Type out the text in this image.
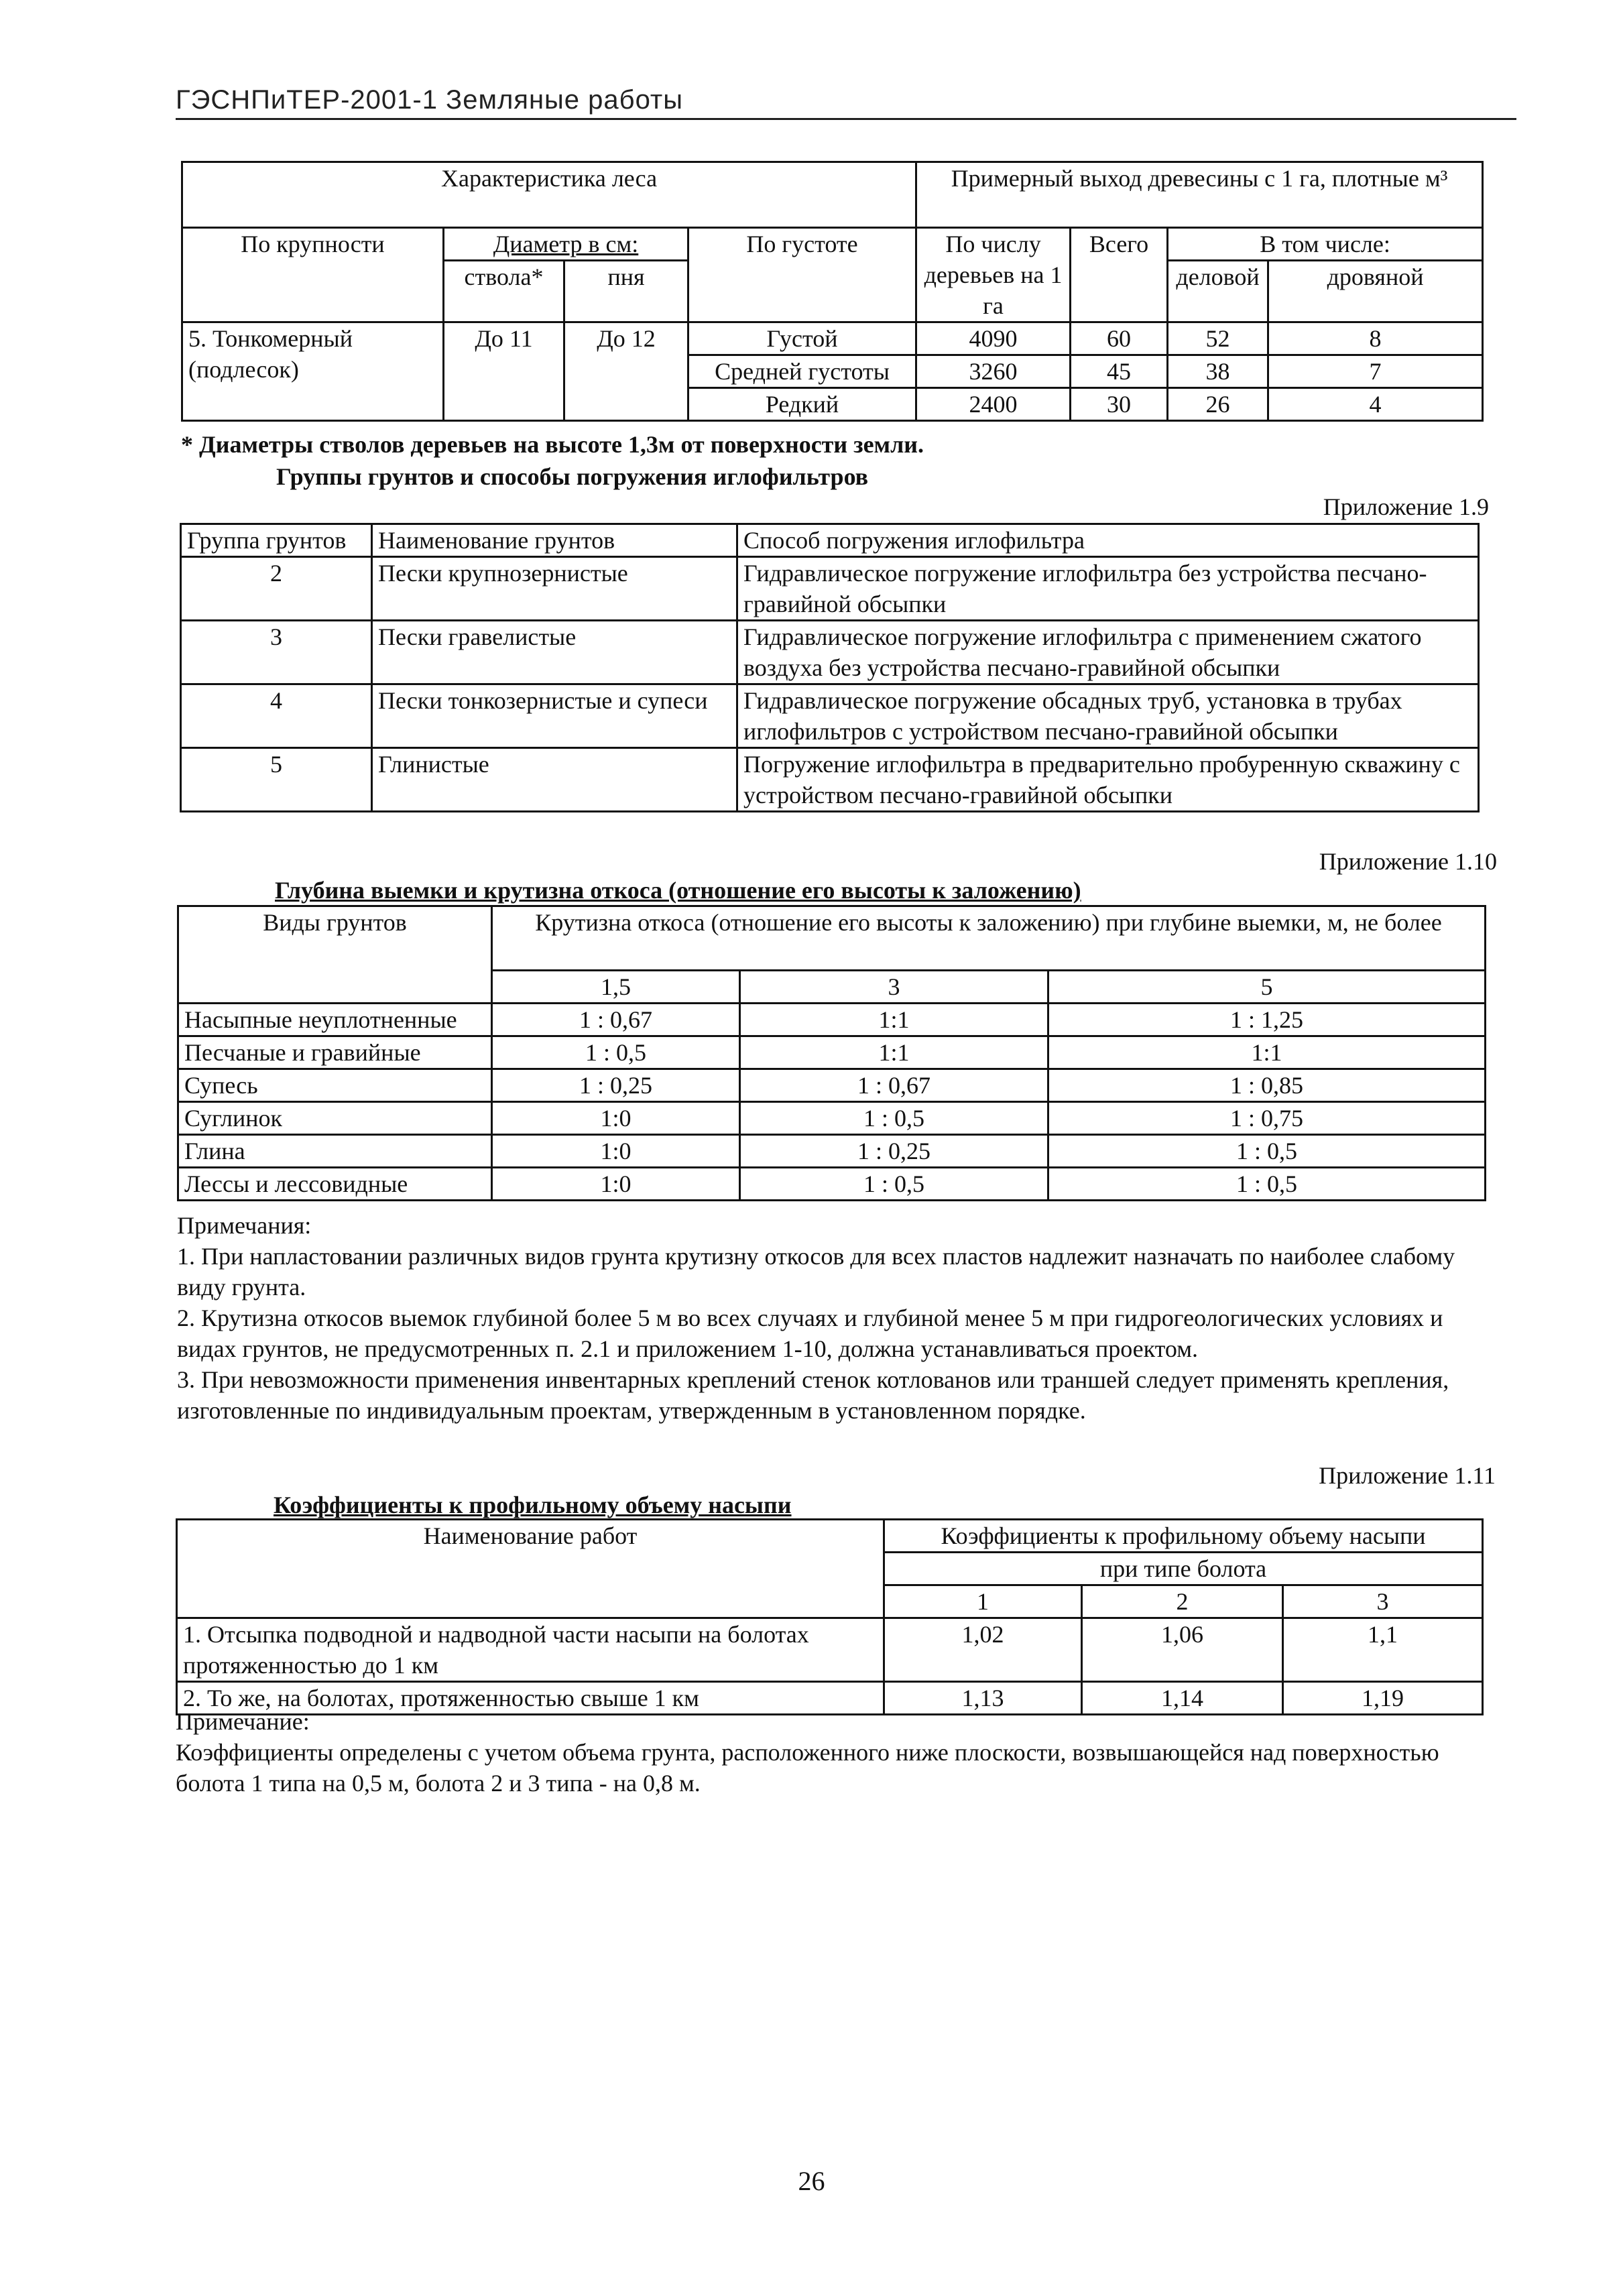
ГЭСНПиТЕР-2001-1 Земляные работы
Характеристика леса				Примерный выход древесины с 1 га, плотные м³			
По крупности	Диаметр в см:		По густоте	По числу деревьев на 1 га	Всего	В том числе:	
	ствола*	пня				деловой	дровяной
5. Тонкомерный (подлесок)	До 11	До 12	Густой	4090	60	52	8
			Средней густоты	3260	45	38	7
			Редкий	2400	30	26	4
* Диаметры стволов деревьев на высоте 1,3м от поверхности земли.
Группы грунтов и способы погружения иглофильтров
Приложение 1.9
Группа грунтов	Наименование грунтов	Способ погружения иглофильтра
2	Пески крупнозернистые	Гидравлическое погружение иглофильтра без устройства песчано-гравийной обсыпки
3	Пески гравелистые	Гидравлическое погружение иглофильтра с применением сжатого воздуха без устройства песчано-гравийной обсыпки
4	Пески тонкозернистые и супеси	Гидравлическое погружение обсадных труб, установка в трубах иглофильтров с устройством песчано-гравийной обсыпки
5	Глинистые	Погружение иглофильтра в предварительно пробуренную скважину с устройством песчано-гравийной обсыпки
Приложение 1.10
Глубина выемки и крутизна откоса (отношение его высоты к заложению)
Виды грунтов	Крутизна откоса (отношение его высоты к заложению) при глубине выемки, м, не более		
	1,5	3	5
Насыпные неуплотненные	1 : 0,67	1:1	1 : 1,25
Песчаные и гравийные	1 : 0,5	1:1	1:1
Супесь	1 : 0,25	1 : 0,67	1 : 0,85
Суглинок	1:0	1 : 0,5	1 : 0,75
Глина	1:0	1 : 0,25	1 : 0,5
Лессы и лессовидные	1:0	1 : 0,5	1 : 0,5
Примечания:
1. При напластовании различных видов грунта крутизну откосов для всех пластов надлежит назначать по наиболее слабому виду грунта.
2. Крутизна откосов выемок глубиной более 5 м во всех случаях и глубиной менее 5 м при гидрогеологических условиях и видах грунтов, не предусмотренных п. 2.1 и приложением 1-10, должна устанавливаться проектом.
3. При невозможности применения инвентарных креплений стенок котлованов или траншей следует применять крепления, изготовленные по индивидуальным проектам, утвержденным в установленном порядке.
Приложение 1.11
Коэффициенты к профильному объему насыпи
Наименование работ	Коэффициенты к профильному объему насыпи		
	при типе болота		
	1	2	3
1. Отсыпка подводной и надводной части насыпи на болотах протяженностью до 1 км	1,02	1,06	1,1
2. То же, на болотах, протяженностью свыше 1 км	1,13	1,14	1,19
Примечание:
Коэффициенты определены с учетом объема грунта, расположенного ниже плоскости, возвышающейся над поверхностью болота 1 типа на 0,5 м, болота 2 и 3 типа - на 0,8 м.
26
